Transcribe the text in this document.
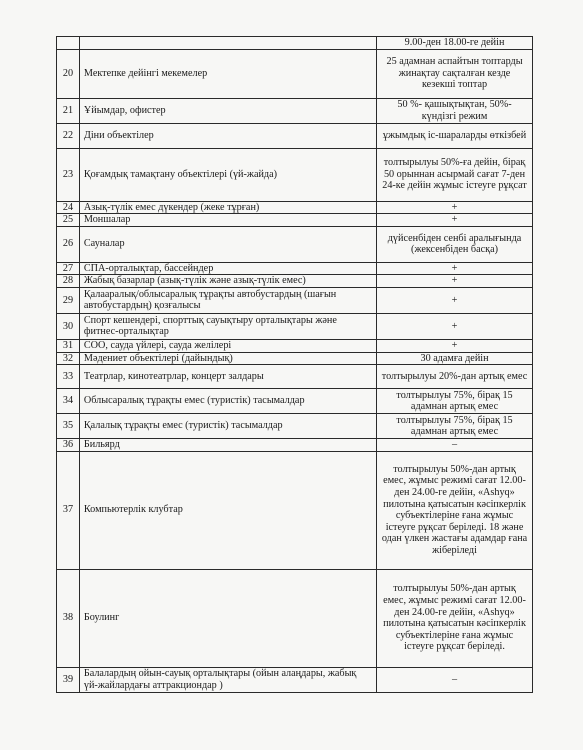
		9.00-ден 18.00-ге дейін
20	Мектепке дейінгі мекемелер	25 адамнан аспайтын топтарды жинақтау сақталған кезде кезекші топтар
21	Ұйымдар, офистер	50 %- қашықтықтан, 50%- күндізгі режим
22	Діни объектілер	ұжымдық іс-шараларды өткізбей
23	Қоғамдық тамақтану объектілері (үй-жайда)	толтырылуы 50%-ға дейін, бірақ 50 орыннан асырмай сағат 7-ден 24-ке дейін жұмыс істеуге рұқсат
24	Азық-түлік емес дүкендер (жеке тұрған)	+
25	Моншалар	+
26	Сауналар	дүйсенбіден сенбі аралығында (жексенбіден басқа)
27	СПА-орталықтар, бассейндер	+
28	Жабық базарлар (азық-түлік және азық-түлік емес)	+
29	Қалааралық/облысаралық тұрақты автобустардың (шағын автобустардың) қозғалысы	+
30	Спорт кешендері, спорттық сауықтыру орталықтары және фитнес-орталықтар	+
31	СОО, сауда үйлері, сауда желілері	+
32	Мәдениет объектілері (дайындық)	30 адамға дейін
33	Театрлар, кинотеатрлар, концерт залдары	толтырылуы 20%-дан артық емес
34	Облысаралық тұрақты емес (туристік) тасымалдар	толтырылуы 75%, бірақ 15 адамнан артық емес
35	Қалалық тұрақты емес (туристік) тасымалдар	толтырылуы 75%, бірақ 15 адамнан артық емес
36	Бильярд	–
37	Компьютерлік клубтар	толтырылуы 50%-дан артық емес, жұмыс режимі сағат 12.00-ден 24.00-ге дейін, «Ashyq» пилотына қатысатын кәсіпкерлік субъектілеріне ғана жұмыс істеуге рұқсат беріледі. 18 және одан үлкен жастағы адамдар ғана жіберіледі
38	Боулинг	толтырылуы 50%-дан артық емес, жұмыс режимі сағат 12.00-ден 24.00-ге дейін, «Ashyq» пилотына қатысатын кәсіпкерлік субъектілеріне ғана жұмыс істеуге рұқсат беріледі.
39	Балалардың ойын-сауық орталықтары (ойын алаңдары, жабық үй-жайлардағы аттракциондар )	–
